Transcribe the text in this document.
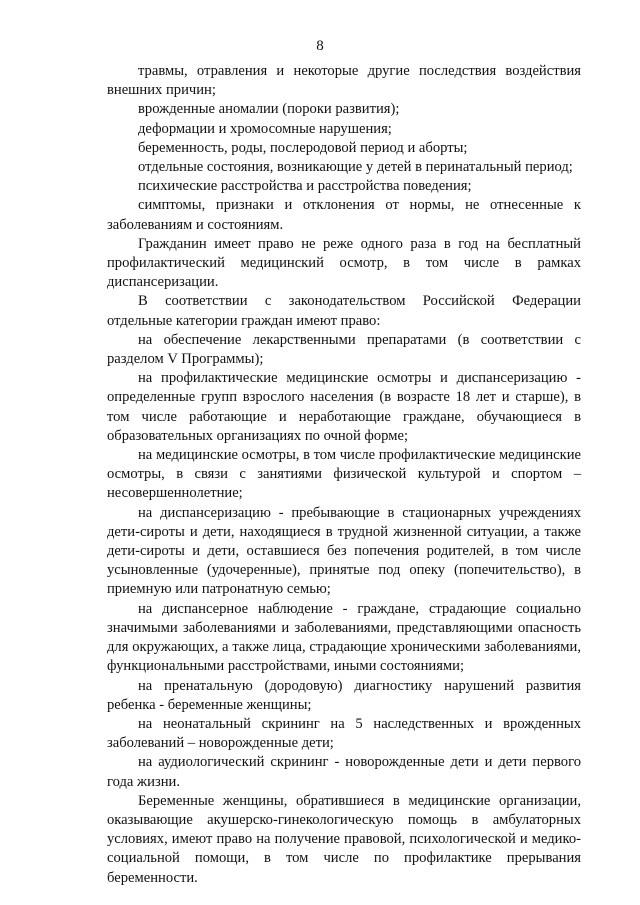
8

травмы, отравления и некоторые другие последствия воздействия внешних причин;

врожденные аномалии (пороки развития);

деформации и хромосомные нарушения;

беременность, роды, послеродовой период и аборты;

отдельные состояния, возникающие у детей в перинатальный период;

психические расстройства и расстройства поведения;

симптомы, признаки и отклонения от нормы, не отнесенные к заболеваниям и состояниям.

Гражданин имеет право не реже одного раза в год на бесплатный профилактический медицинский осмотр, в том числе в рамках диспансеризации.

В соответствии с законодательством Российской Федерации отдельные категории граждан имеют право:

на обеспечение лекарственными препаратами (в соответствии с разделом V Программы);

на профилактические медицинские осмотры и диспансеризацию - определенные групп взрослого населения (в возрасте 18 лет и старше), в том числе работающие и неработающие граждане, обучающиеся в образовательных организациях по очной форме;

на медицинские осмотры, в том числе профилактические медицинские осмотры, в связи с занятиями физической культурой и спортом – несовершеннолетние;

на диспансеризацию - пребывающие в стационарных учреждениях дети-сироты и дети, находящиеся в трудной жизненной ситуации, а также дети-сироты и дети, оставшиеся без попечения родителей, в том числе усыновленные (удочеренные), принятые под опеку (попечительство), в приемную или патронатную семью;

на диспансерное наблюдение - граждане, страдающие социально значимыми заболеваниями и заболеваниями, представляющими опасность для окружающих, а также лица, страдающие хроническими заболеваниями, функциональными расстройствами, иными состояниями;

на пренатальную (дородовую) диагностику нарушений развития ребенка - беременные женщины;

на неонатальный скрининг на 5 наследственных и врожденных заболеваний – новорожденные дети;

на аудиологический скрининг - новорожденные дети и дети первого года жизни.

Беременные женщины, обратившиеся в медицинские организации, оказывающие акушерско-гинекологическую помощь в амбулаторных условиях, имеют право на получение правовой, психологической и медико-социальной помощи, в том числе по профилактике прерывания беременности.
